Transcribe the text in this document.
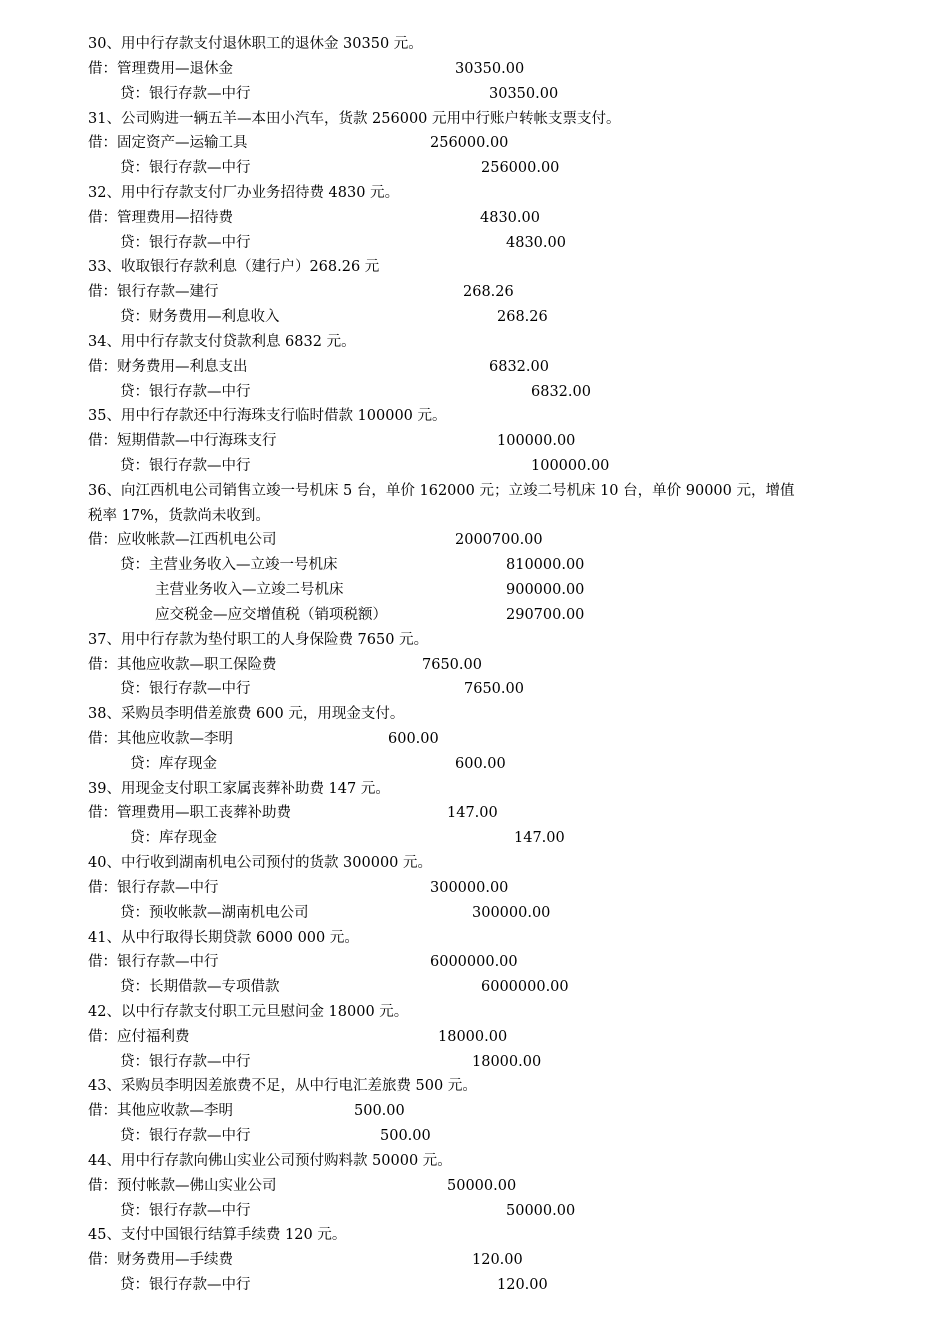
30、用中行存款支付退休职工的退休金 30350 元。
借：管理费用—退休金	30350.00
贷：银行存款—中行	30350.00
31、公司购进一辆五羊—本田小汽车，货款 256000 元用中行账户转帐支票支付。
借：固定资产—运输工具	256000.00
贷：银行存款—中行	256000.00
32、用中行存款支付厂办业务招待费 4830 元。
借：管理费用—招待费	4830.00
贷：银行存款—中行	4830.00
33、收取银行存款利息（建行户）268.26 元
借：银行存款—建行	268.26
贷：财务费用—利息收入	268.26
34、用中行存款支付贷款利息 6832 元。
借：财务费用—利息支出	6832.00
贷：银行存款—中行	6832.00
35、用中行存款还中行海珠支行临时借款 100000 元。
借：短期借款—中行海珠支行	100000.00
贷：银行存款—中行	100000.00
36、向江西机电公司销售立竣一号机床 5 台，单价 162000 元；立竣二号机床 10 台，单价 90000 元，增值
税率 17%，货款尚未收到。
借：应收帐款—江西机电公司	2000700.00
贷：主营业务收入—立竣一号机床	810000.00
主营业务收入—立竣二号机床	900000.00
应交税金—应交增值税（销项税额）	290700.00
37、用中行存款为垫付职工的人身保险费 7650 元。
借：其他应收款—职工保险费	7650.00
贷：银行存款—中行	7650.00
38、采购员李明借差旅费 600 元，用现金支付。
借：其他应收款—李明	600.00
贷：库存现金	600.00
39、用现金支付职工家属丧葬补助费 147 元。
借：管理费用—职工丧葬补助费	147.00
贷：库存现金	147.00
40、中行收到湖南机电公司预付的货款 300000 元。
借：银行存款—中行	300000.00
贷：预收帐款—湖南机电公司	300000.00
41、从中行取得长期贷款 6000 000 元。
借：银行存款—中行	6000000.00
贷：长期借款—专项借款	6000000.00
42、以中行存款支付职工元旦慰问金 18000 元。
借：应付福利费	18000.00
贷：银行存款—中行	18000.00
43、采购员李明因差旅费不足，从中行电汇差旅费 500 元。
借：其他应收款—李明	500.00
贷：银行存款—中行	500.00
44、用中行存款向佛山实业公司预付购料款 50000 元。
借：预付帐款—佛山实业公司	50000.00
贷：银行存款—中行	50000.00
45、支付中国银行结算手续费 120 元。
借：财务费用—手续费	120.00
贷：银行存款—中行	120.00
